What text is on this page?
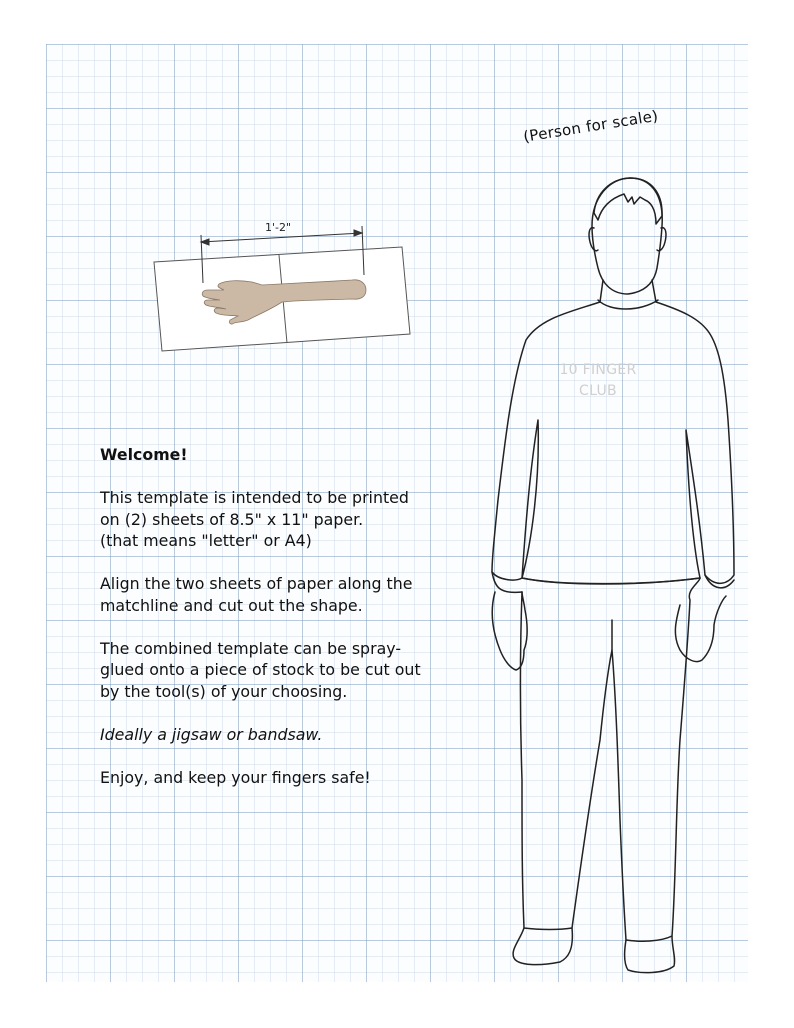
(Person for scale)
1'-2"
10 FINGER
CLUB

Welcome!

This template is intended to be printed
on (2) sheets of 8.5" x 11" paper.
(that means "letter" or A4)

Align the two sheets of paper along the
matchline and cut out the shape.

The combined template can be spray-
glued onto a piece of stock to be cut out
by the tool(s) of your choosing.

Ideally a jigsaw or bandsaw.

Enjoy, and keep your fingers safe!
